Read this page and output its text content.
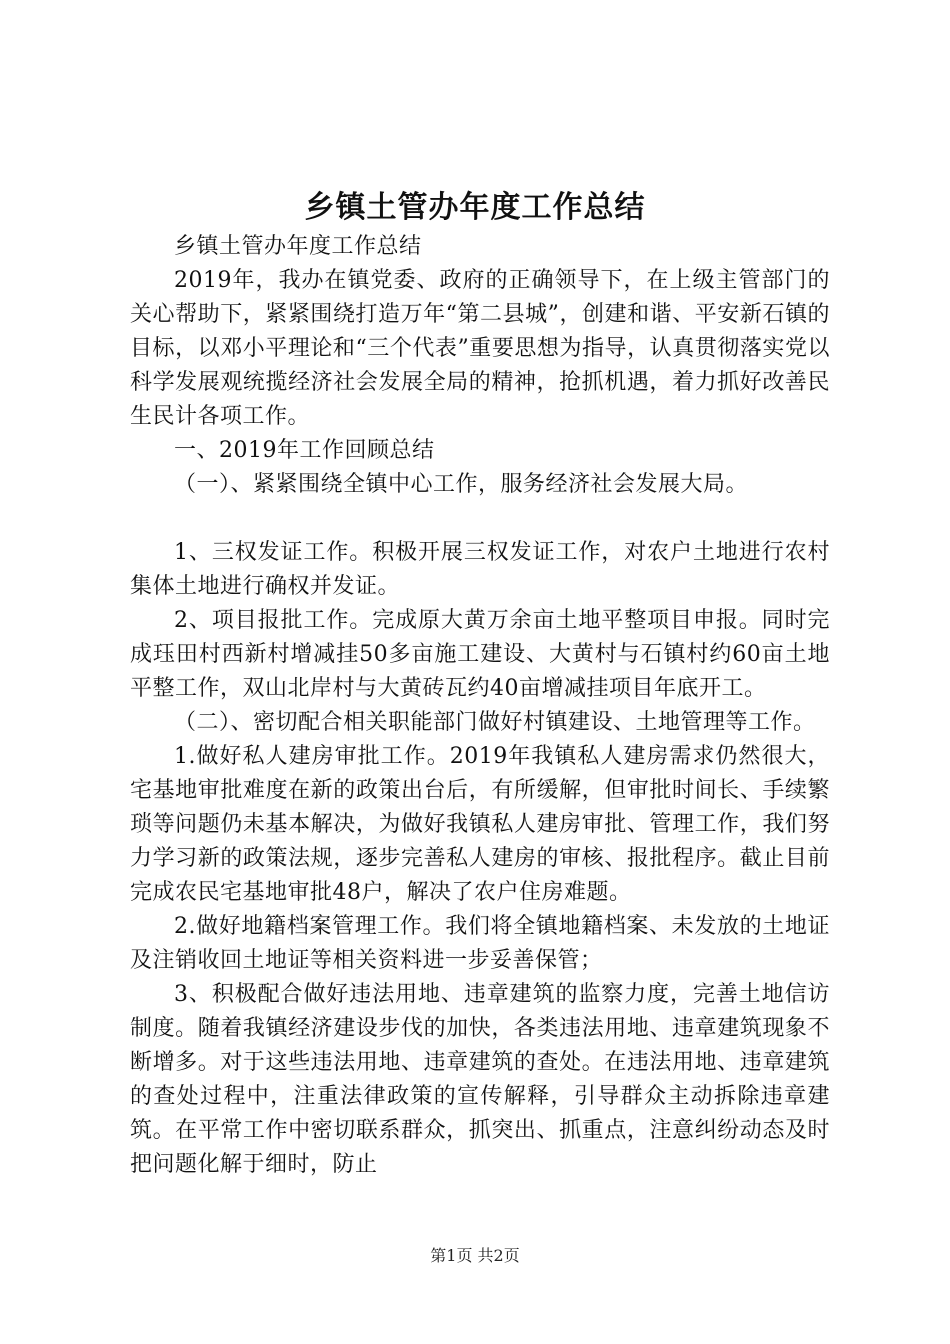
乡镇土管办年度工作总结

乡镇土管办年度工作总结

2019年，我办在镇党委、政府的正确领导下，在上级主管部门的关心帮助下，紧紧围绕打造万年“第二县城”，创建和谐、平安新石镇的目标，以邓小平理论和“三个代表”重要思想为指导，认真贯彻落实党以科学发展观统揽经济社会发展全局的精神，抢抓机遇，着力抓好改善民生民计各项工作。

一、2019年工作回顾总结

（一）、紧紧围绕全镇中心工作，服务经济社会发展大局。

1、三权发证工作。积极开展三权发证工作，对农户土地进行农村集体土地进行确权并发证。

2、项目报批工作。完成原大黄万余亩土地平整项目申报。同时完成珏田村西新村增减挂50多亩施工建设、大黄村与石镇村约60亩土地平整工作，双山北岸村与大黄砖瓦约40亩增减挂项目年底开工。

（二）、密切配合相关职能部门做好村镇建设、土地管理等工作。

1.做好私人建房审批工作。2019年我镇私人建房需求仍然很大，宅基地审批难度在新的政策出台后，有所缓解，但审批时间长、手续繁琐等问题仍未基本解决，为做好我镇私人建房审批、管理工作，我们努力学习新的政策法规，逐步完善私人建房的审核、报批程序。截止目前完成农民宅基地审批48户，解决了农户住房难题。

2.做好地籍档案管理工作。我们将全镇地籍档案、未发放的土地证及注销收回土地证等相关资料进一步妥善保管；

3、积极配合做好违法用地、违章建筑的监察力度，完善土地信访制度。随着我镇经济建设步伐的加快，各类违法用地、违章建筑现象不断增多。对于这些违法用地、违章建筑的查处。在违法用地、违章建筑的查处过程中，注重法律政策的宣传解释，引导群众主动拆除违章建筑。在平常工作中密切联系群众，抓突出、抓重点，注意纠纷动态及时把问题化解于细时，防止

第1页 共2页
